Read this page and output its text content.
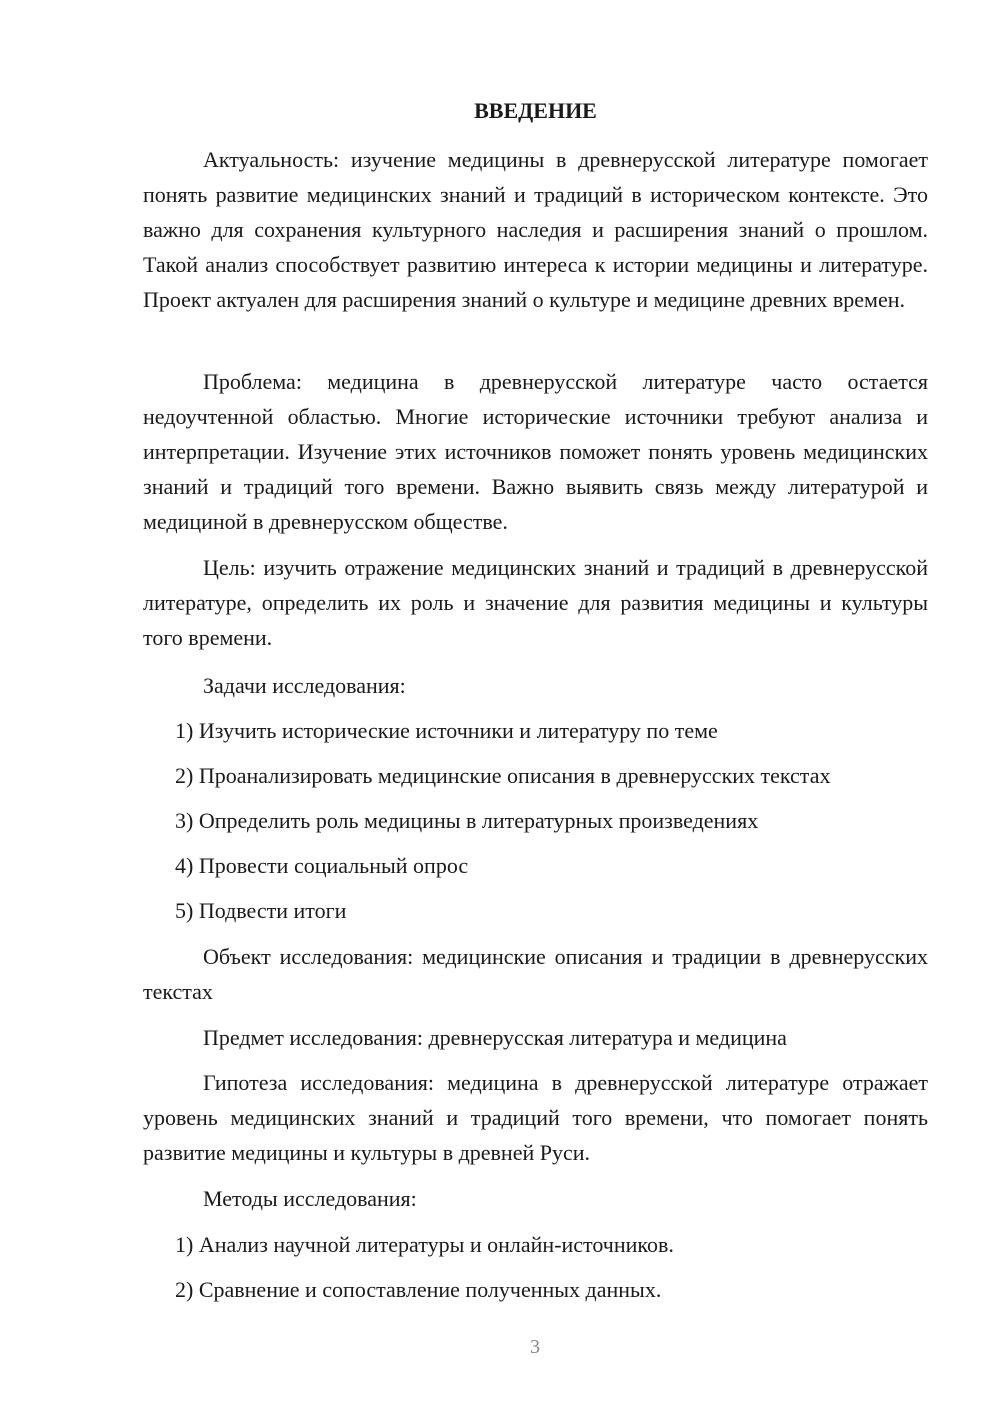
ВВЕДЕНИЕ

Актуальность: изучение медицины в древнерусской литературе помогает понять развитие медицинских знаний и традиций в историческом контексте. Это важно для сохранения культурного наследия и расширения знаний о прошлом. Такой анализ способствует развитию интереса к истории медицины и литературе. Проект актуален для расширения знаний о культуре и медицине древних времен.

Проблема: медицина в древнерусской литературе часто остается недоучтенной областью. Многие исторические источники требуют анализа и интерпретации. Изучение этих источников поможет понять уровень медицинских знаний и традиций того времени. Важно выявить связь между литературой и медициной в древнерусском обществе.

Цель: изучить отражение медицинских знаний и традиций в древнерусской литературе, определить их роль и значение для развития медицины и культуры того времени.

Задачи исследования:

1) Изучить исторические источники и литературу по теме

2) Проанализировать медицинские описания в древнерусских текстах

3) Определить роль медицины в литературных произведениях

4) Провести социальный опрос

5) Подвести итоги

Объект исследования: медицинские описания и традиции в древнерусских текстах

Предмет исследования: древнерусская литература и медицина

Гипотеза исследования: медицина в древнерусской литературе отражает уровень медицинских знаний и традиций того времени, что помогает понять развитие медицины и культуры в древней Руси.

Методы исследования:

1) Анализ научной литературы и онлайн-источников.

2) Сравнение и сопоставление полученных данных.

3
